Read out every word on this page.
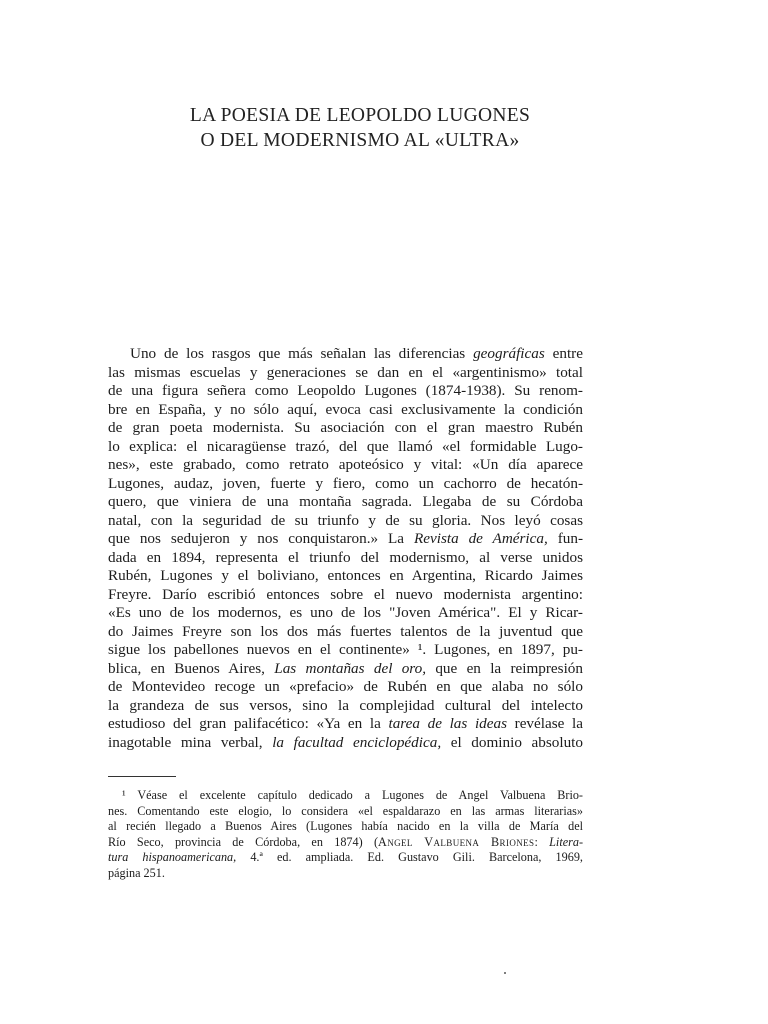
LA POESIA DE LEOPOLDO LUGONES
O DEL MODERNISMO AL «ULTRA»
Uno de los rasgos que más señalan las diferencias geográficas entre
las mismas escuelas y generaciones se dan en el «argentinismo» total
de una figura señera como Leopoldo Lugones (1874-1938). Su renom-
bre en España, y no sólo aquí, evoca casi exclusivamente la condición
de gran poeta modernista. Su asociación con el gran maestro Rubén
lo explica: el nicaragüense trazó, del que llamó «el formidable Lugo-
nes», este grabado, como retrato apoteósico y vital: «Un día aparece
Lugones, audaz, joven, fuerte y fiero, como un cachorro de hecatón-
quero, que viniera de una montaña sagrada. Llegaba de su Córdoba
natal, con la seguridad de su triunfo y de su gloria. Nos leyó cosas
que nos sedujeron y nos conquistaron.» La Revista de América, fun-
dada en 1894, representa el triunfo del modernismo, al verse unidos
Rubén, Lugones y el boliviano, entonces en Argentina, Ricardo Jaimes
Freyre. Darío escribió entonces sobre el nuevo modernista argentino:
«Es uno de los modernos, es uno de los "Joven América". El y Ricar-
do Jaimes Freyre son los dos más fuertes talentos de la juventud que
sigue los pabellones nuevos en el continente» ¹. Lugones, en 1897, pu-
blica, en Buenos Aires, Las montañas del oro, que en la reimpresión
de Montevideo recoge un «prefacio» de Rubén en que alaba no sólo
la grandeza de sus versos, sino la complejidad cultural del intelecto
estudioso del gran palifacético: «Ya en la tarea de las ideas revélase la
inagotable mina verbal, la facultad enciclopédica, el dominio absoluto
¹ Véase el excelente capítulo dedicado a Lugones de Angel Valbuena Brio-
nes. Comentando este elogio, lo considera «el espaldarazo en las armas literarias»
al recién llegado a Buenos Aires (Lugones había nacido en la villa de María del
Río Seco, provincia de Córdoba, en 1874) (Angel Valbuena Briones: Litera-
tura hispanoamericana, 4.ª ed. ampliada. Ed. Gustavo Gili. Barcelona, 1969,
página 251.
